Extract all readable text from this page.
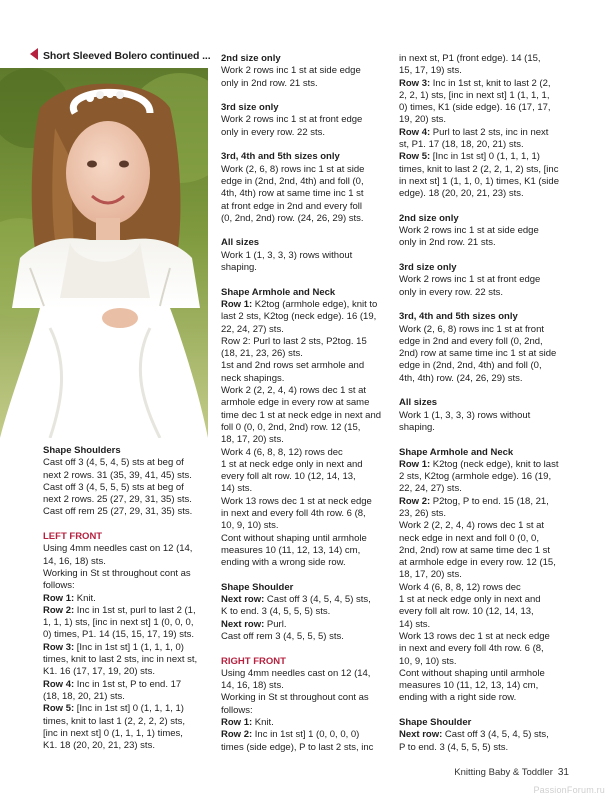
Short Sleeved Bolero continued ...
Shape Shoulders
Cast off 3 (4, 5, 4, 5) sts at beg of
next 2 rows. 31 (35, 39, 41, 45) sts.
Cast off 3 (4, 5, 5, 5) sts at beg of
next 2 rows. 25 (27, 29, 31, 35) sts.
Cast off rem 25 (27, 29, 31, 35) sts.
LEFT FRONT
Using 4mm needles cast on 12 (14,
14, 16, 18) sts.
Working in St st throughout cont as
follows:
Row 1: Knit.
Row 2: Inc in 1st st, purl to last 2 (1,
1, 1, 1) sts, [inc in next st] 1 (0, 0, 0,
0) times, P1. 14 (15, 15, 17, 19) sts.
Row 3: [Inc in 1st st] 1 (1, 1, 1, 0)
times, knit to last 2 sts, inc in next st,
K1. 16 (17, 17, 19, 20) sts.
Row 4: Inc in 1st st, P to end. 17
(18, 18, 20, 21) sts.
Row 5: [Inc in 1st st] 0 (1, 1, 1, 1)
times, knit to last 1 (2, 2, 2, 2) sts,
[inc in next st] 0 (1, 1, 1, 1) times,
K1. 18 (20, 20, 21, 23) sts.
2nd size only
Work 2 rows inc 1 st at side edge
only in 2nd row. 21 sts.
3rd size only
Work 2 rows inc 1 st at front edge
only in every row. 22 sts.
3rd, 4th and 5th sizes only
Work (2, 6, 8) rows inc 1 st at side
edge in (2nd, 2nd, 4th) and foll (0,
4th, 4th) row at same time inc 1 st
at front edge in 2nd and every foll
(0, 2nd, 2nd) row. (24, 26, 29) sts.
All sizes
Work 1 (1, 3, 3, 3) rows without
shaping.
Shape Armhole and Neck
Row 1: K2tog (armhole edge), knit to
last 2 sts, K2tog (neck edge). 16 (19,
22, 24, 27) sts.
Row 2: Purl to last 2 sts, P2tog. 15
(18, 21, 23, 26) sts.
1st and 2nd rows set armhole and
neck shapings.
Work 2 (2, 2, 4, 4) rows dec 1 st at
armhole edge in every row at same
time dec 1 st at neck edge in next and
foll 0 (0, 0, 2nd, 2nd) row. 12 (15,
18, 17, 20) sts.
Work 4 (6, 8, 8, 12) rows dec
1 st at neck edge only in next and
every foll alt row. 10 (12, 14, 13,
14) sts.
Work 13 rows dec 1 st at neck edge
in next and every foll 4th row. 6 (8,
10, 9, 10) sts.
Cont without shaping until armhole
measures 10 (11, 12, 13, 14) cm,
ending with a wrong side row.
Shape Shoulder
Next row: Cast off 3 (4, 5, 4, 5) sts,
K to end. 3 (4, 5, 5, 5) sts.
Next row: Purl.
Cast off rem 3 (4, 5, 5, 5) sts.
RIGHT FRONT
Using 4mm needles cast on 12 (14,
14, 16, 18) sts.
Working in St st throughout cont as
follows:
Row 1: Knit.
Row 2: Inc in 1st st] 1 (0, 0, 0, 0)
times (side edge), P to last 2 sts, inc
in next st, P1 (front edge). 14 (15,
15, 17, 19) sts.
Row 3: Inc in 1st st, knit to last 2 (2,
2, 2, 1) sts, [inc in next st] 1 (1, 1, 1,
0) times, K1 (side edge). 16 (17, 17,
19, 20) sts.
Row 4: Purl to last 2 sts, inc in next
st, P1. 17 (18, 18, 20, 21) sts.
Row 5: [Inc in 1st st] 0 (1, 1, 1, 1)
times, knit to last 2 (2, 2, 1, 2) sts, [inc
in next st] 1 (1, 1, 0, 1) times, K1 (side
edge). 18 (20, 20, 21, 23) sts.
2nd size only
Work 2 rows inc 1 st at side edge
only in 2nd row. 21 sts.
3rd size only
Work 2 rows inc 1 st at front edge
only in every row. 22 sts.
3rd, 4th and 5th sizes only
Work (2, 6, 8) rows inc 1 st at front
edge in 2nd and every foll (0, 2nd,
2nd) row at same time inc 1 st at side
edge in (2nd, 2nd, 4th) and foll (0,
4th, 4th) row. (24, 26, 29) sts.
All sizes
Work 1 (1, 3, 3, 3) rows without
shaping.
Shape Armhole and Neck
Row 1: K2tog (neck edge), knit to last
2 sts, K2tog (armhole edge). 16 (19,
22, 24, 27) sts.
Row 2: P2tog, P to end. 15 (18, 21,
23, 26) sts.
Work 2 (2, 2, 4, 4) rows dec 1 st at
neck edge in next and foll 0 (0, 0,
2nd, 2nd) row at same time dec 1 st
at armhole edge in every row. 12 (15,
18, 17, 20) sts.
Work 4 (6, 8, 8, 12) rows dec
1 st at neck edge only in next and
every foll alt row. 10 (12, 14, 13,
14) sts.
Work 13 rows dec 1 st at neck edge
in next and every foll 4th row. 6 (8,
10, 9, 10) sts.
Cont without shaping until armhole
measures 10 (11, 12, 13, 14) cm,
ending with a right side row.
Shape Shoulder
Next row: Cast off 3 (4, 5, 4, 5) sts,
P to end. 3 (4, 5, 5, 5) sts.
Knitting Baby & Toddler 31
PassionForum.ru
